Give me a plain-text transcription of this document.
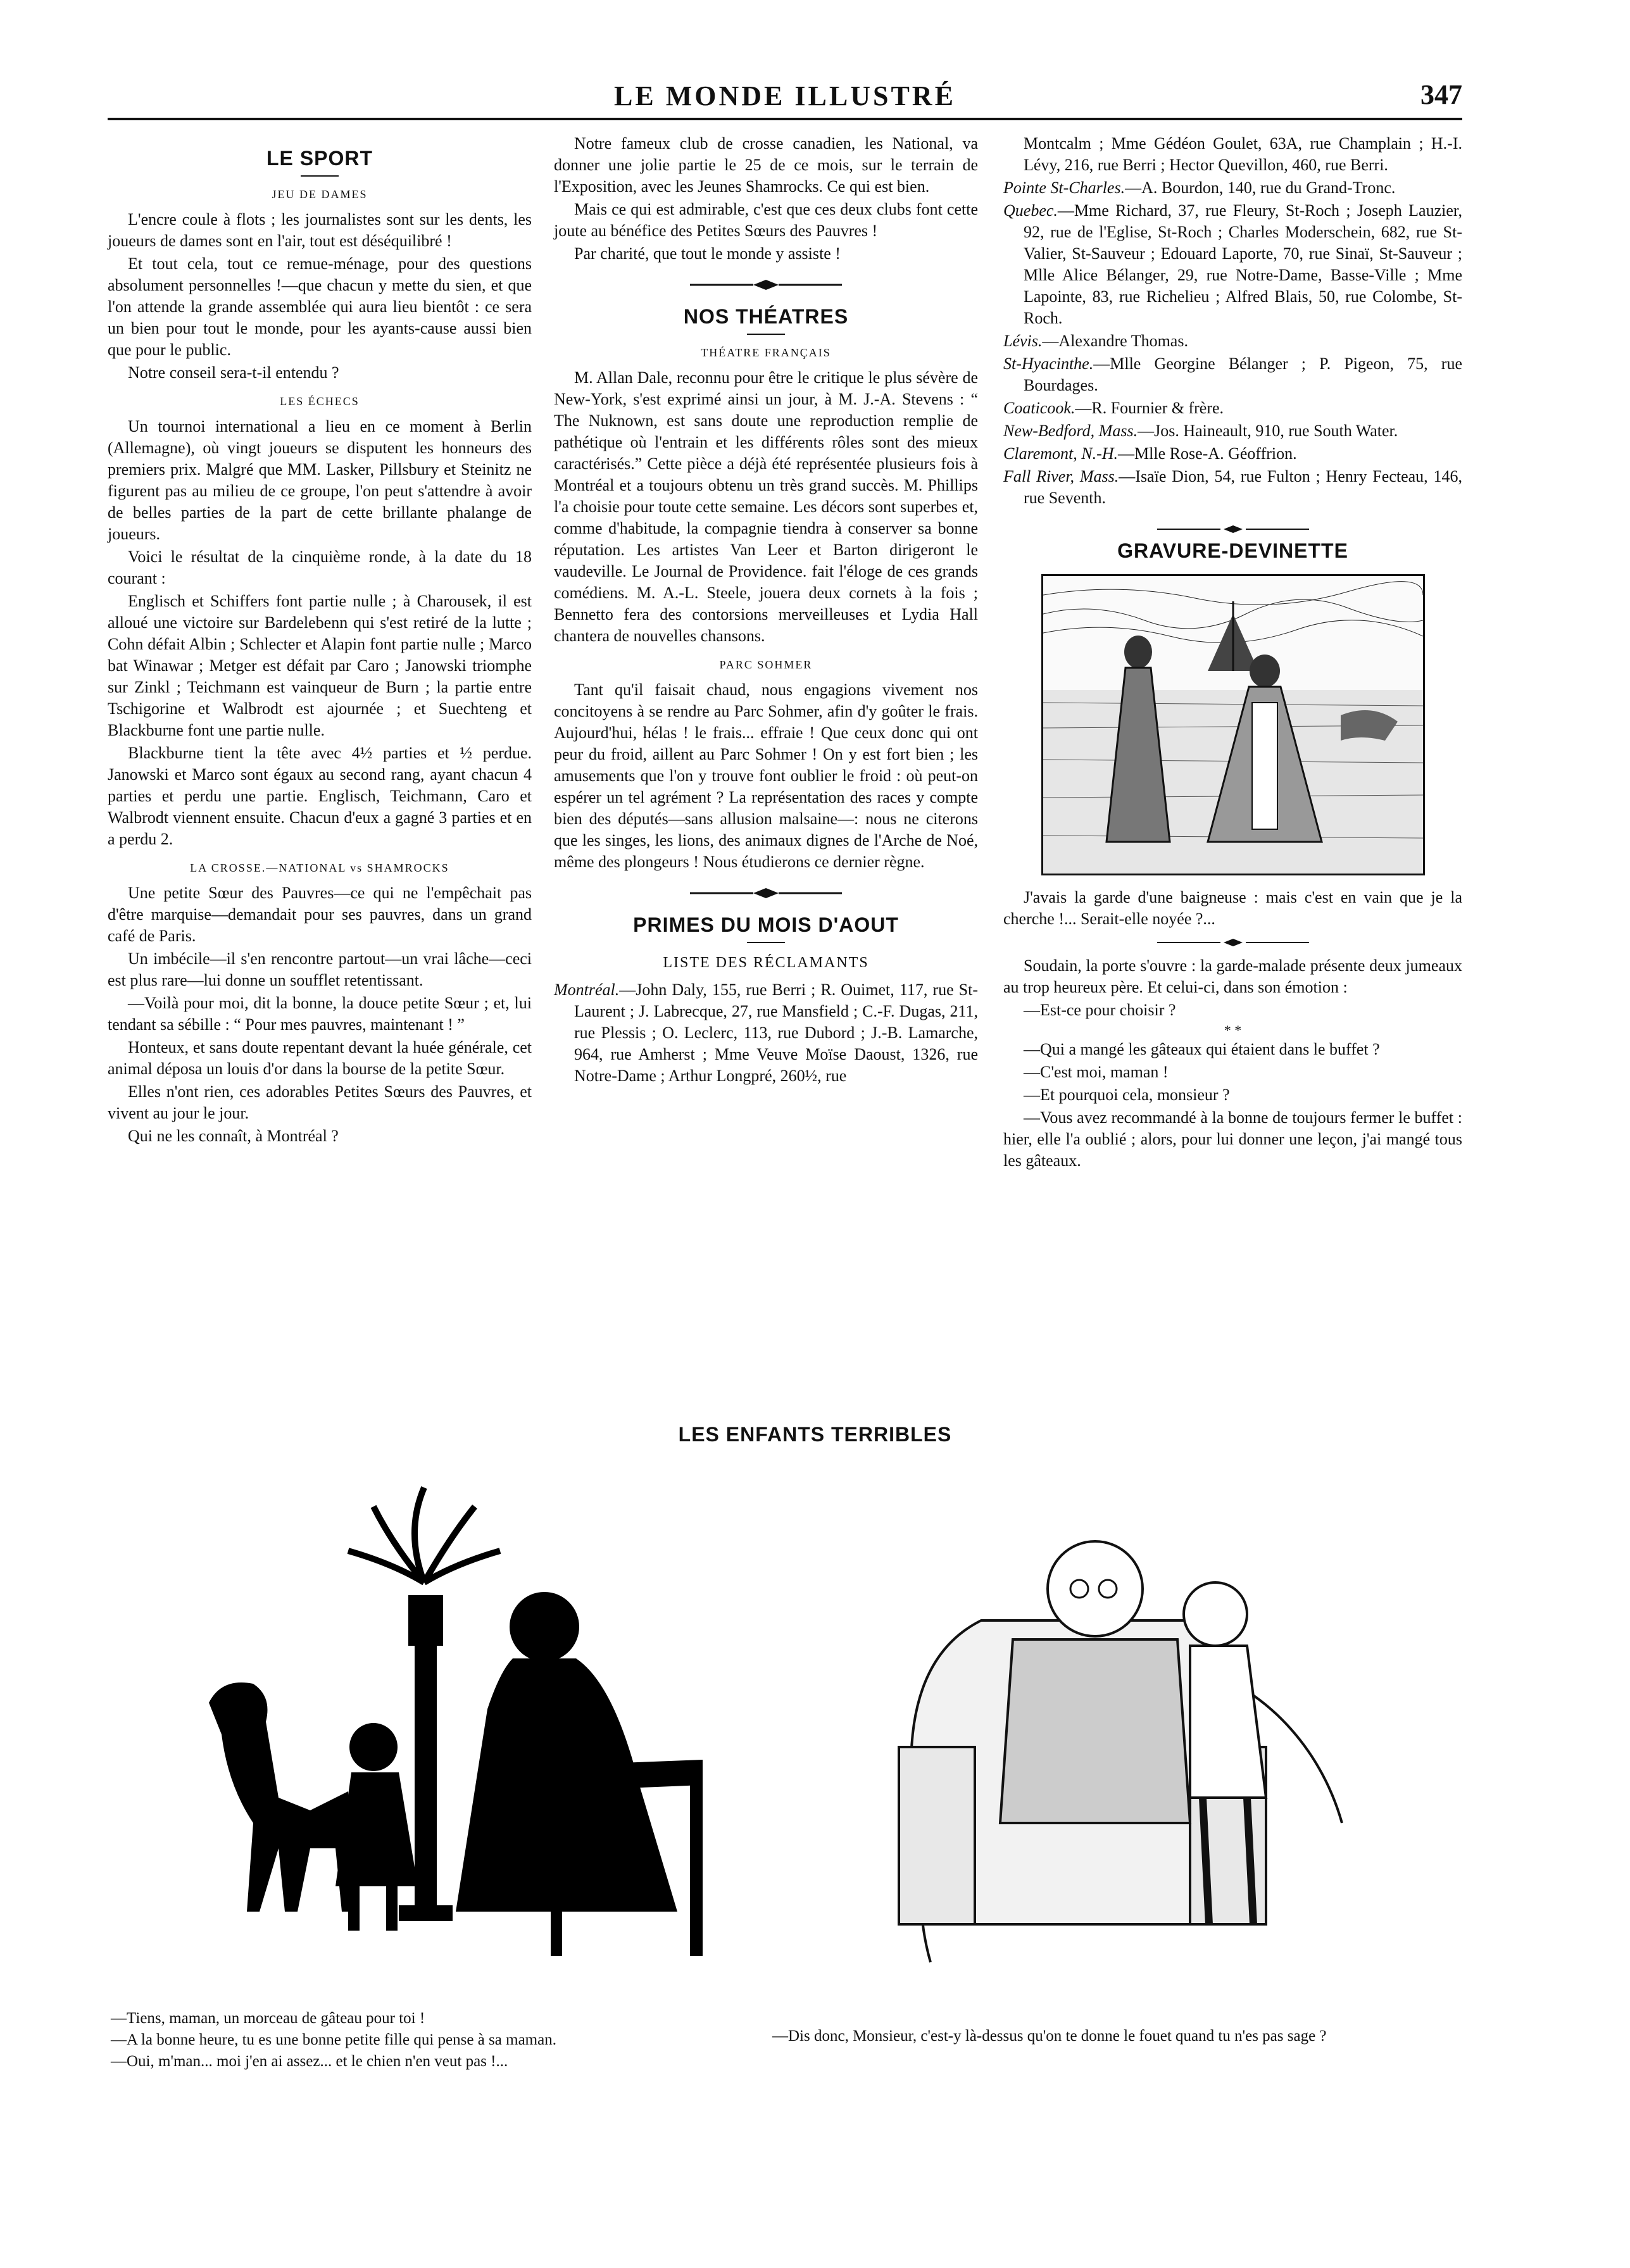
LE MONDE ILLUSTRÉ	347
LE SPORT
JEU DE DAMES

L'encre coule à flots ; les journalistes sont sur les dents, les joueurs de dames sont en l'air, tout est déséquilibré !

Et tout cela, tout ce remue-ménage, pour des questions absolument personnelles !—que chacun y mette du sien, et que l'on attende la grande assemblée qui aura lieu bientôt : ce sera un bien pour tout le monde, pour les ayants-cause aussi bien que pour le public.

Notre conseil sera-t-il entendu ?

LES ÉCHECS

Un tournoi international a lieu en ce moment à Berlin (Allemagne), où vingt joueurs se disputent les honneurs des premiers prix. Malgré que MM. Lasker, Pillsbury et Steinitz ne figurent pas au milieu de ce groupe, l'on peut s'attendre à avoir de belles parties de la part de cette brillante phalange de joueurs.

Voici le résultat de la cinquième ronde, à la date du 18 courant :

Englisch et Schiffers font partie nulle ; à Charousek, il est alloué une victoire sur Bardelebenn qui s'est retiré de la lutte ; Cohn défait Albin ; Schlecter et Alapin font partie nulle ; Marco bat Winawar ; Metger est défait par Caro ; Janowski triomphe sur Zinkl ; Teichmann est vainqueur de Burn ; la partie entre Tschigorine et Walbrodt est ajournée ; et Suechteng et Blackburne font une partie nulle.

Blackburne tient la tête avec 4½ parties et ½ perdue. Janowski et Marco sont égaux au second rang, ayant chacun 4 parties et perdu une partie. Englisch, Teichmann, Caro et Walbrodt viennent ensuite. Chacun d'eux a gagné 3 parties et en a perdu 2.

LA CROSSE.—NATIONAL vs SHAMROCKS

Une petite Sœur des Pauvres—ce qui ne l'empêchait pas d'être marquise—demandait pour ses pauvres, dans un grand café de Paris.

Un imbécile—il s'en rencontre partout—un vrai lâche—ceci est plus rare—lui donne un soufflet retentissant.

—Voilà pour moi, dit la bonne, la douce petite Sœur ; et, lui tendant sa sébille : “ Pour mes pauvres, maintenant ! ”

Honteux, et sans doute repentant devant la huée générale, cet animal déposa un louis d'or dans la bourse de la petite Sœur.

Elles n'ont rien, ces adorables Petites Sœurs des Pauvres, et vivent au jour le jour.

Qui ne les connaît, à Montréal ?

Notre fameux club de crosse canadien, les National, va donner une jolie partie le 25 de ce mois, sur le terrain de l'Exposition, avec les Jeunes Shamrocks. Ce qui est bien.

Mais ce qui est admirable, c'est que ces deux clubs font cette joute au bénéfice des Petites Sœurs des Pauvres !

Par charité, que tout le monde y assiste !

NOS THÉATRES
THÉATRE FRANÇAIS

M. Allan Dale, reconnu pour être le critique le plus sévère de New-York, s'est exprimé ainsi un jour, à M. J.-A. Stevens : “ The Nuknown, est sans doute une reproduction remplie de pathétique où l'entrain et les différents rôles sont des mieux caractérisés.” Cette pièce a déjà été représentée plusieurs fois à Montréal et a toujours obtenu un très grand succès. M. Phillips l'a choisie pour toute cette semaine. Les décors sont superbes et, comme d'habitude, la compagnie tiendra à conserver sa bonne réputation. Les artistes Van Leer et Barton dirigeront le vaudeville. Le Journal de Providence. fait l'éloge de ces grands comédiens. M. A.-L. Steele, jouera deux cornets à la fois ; Bennetto fera des contorsions merveilleuses et Lydia Hall chantera de nouvelles chansons.

PARC SOHMER

Tant qu'il faisait chaud, nous engagions vivement nos concitoyens à se rendre au Parc Sohmer, afin d'y goûter le frais. Aujourd'hui, hélas ! le frais... effraie ! Que ceux donc qui ont peur du froid, aillent au Parc Sohmer ! On y est fort bien ; les amusements que l'on y trouve font oublier le froid : où peut-on espérer un tel agrément ? La représentation des races y compte bien des députés—sans allusion malsaine—: nous ne citerons que les singes, les lions, des animaux dignes de l'Arche de Noé, même des plongeurs ! Nous étudierons ce dernier règne.

PRIMES DU MOIS D'AOUT
LISTE DES RÉCLAMANTS

Montréal.—John Daly, 155, rue Berri ; R. Ouimet, 117, rue St-Laurent ; J. Labrecque, 27, rue Mansfield ; C.-F. Dugas, 211, rue Plessis ; O. Leclerc, 113, rue Dubord ; J.-B. Lamarche, 964, rue Amherst ; Mme Veuve Moïse Daoust, 1326, rue Notre-Dame ; Arthur Longpré, 260½, rue

Montcalm ; Mme Gédéon Goulet, 63A, rue Champlain ; H.-I. Lévy, 216, rue Berri ; Hector Quevillon, 460, rue Berri.

Pointe St-Charles.—A. Bourdon, 140, rue du Grand-Tronc.

Quebec.—Mme Richard, 37, rue Fleury, St-Roch ; Joseph Lauzier, 92, rue de l'Eglise, St-Roch ; Charles Moderschein, 682, rue St-Valier, St-Sauveur ; Edouard Laporte, 70, rue Sinaï, St-Sauveur ; Mlle Alice Bélanger, 29, rue Notre-Dame, Basse-Ville ; Mme Lapointe, 83, rue Richelieu ; Alfred Blais, 50, rue Colombe, St-Roch.

Lévis.—Alexandre Thomas.

St-Hyacinthe.—Mlle Georgine Bélanger ; P. Pigeon, 75, rue Bourdages.

Coaticook.—R. Fournier & frère.

New-Bedford, Mass.—Jos. Haineault, 910, rue South Water.

Claremont, N.-H.—Mlle Rose-A. Géoffrion.

Fall River, Mass.—Isaïe Dion, 54, rue Fulton ; Henry Fecteau, 146, rue Seventh.

GRAVURE-DEVINETTE

J'avais la garde d'une baigneuse : mais c'est en vain que je la cherche !... Serait-elle noyée ?...

Soudain, la porte s'ouvre : la garde-malade présente deux jumeaux au trop heureux père. Et celui-ci, dans son émotion :

—Est-ce pour choisir ?

* *

—Qui a mangé les gâteaux qui étaient dans le buffet ?

—C'est moi, maman !

—Et pourquoi cela, monsieur ?

—Vous avez recommandé à la bonne de toujours fermer le buffet : hier, elle l'a oublié ; alors, pour lui donner une leçon, j'ai mangé tous les gâteaux.

LES ENFANTS TERRIBLES
—Tiens, maman, un morceau de gâteau pour toi !
—A la bonne heure, tu es une bonne petite fille qui pense à sa maman.
—Oui, m'man... moi j'en ai assez... et le chien n'en veut pas !...
—Dis donc, Monsieur, c'est-y là-dessus qu'on te donne le fouet quand tu n'es pas sage ?
